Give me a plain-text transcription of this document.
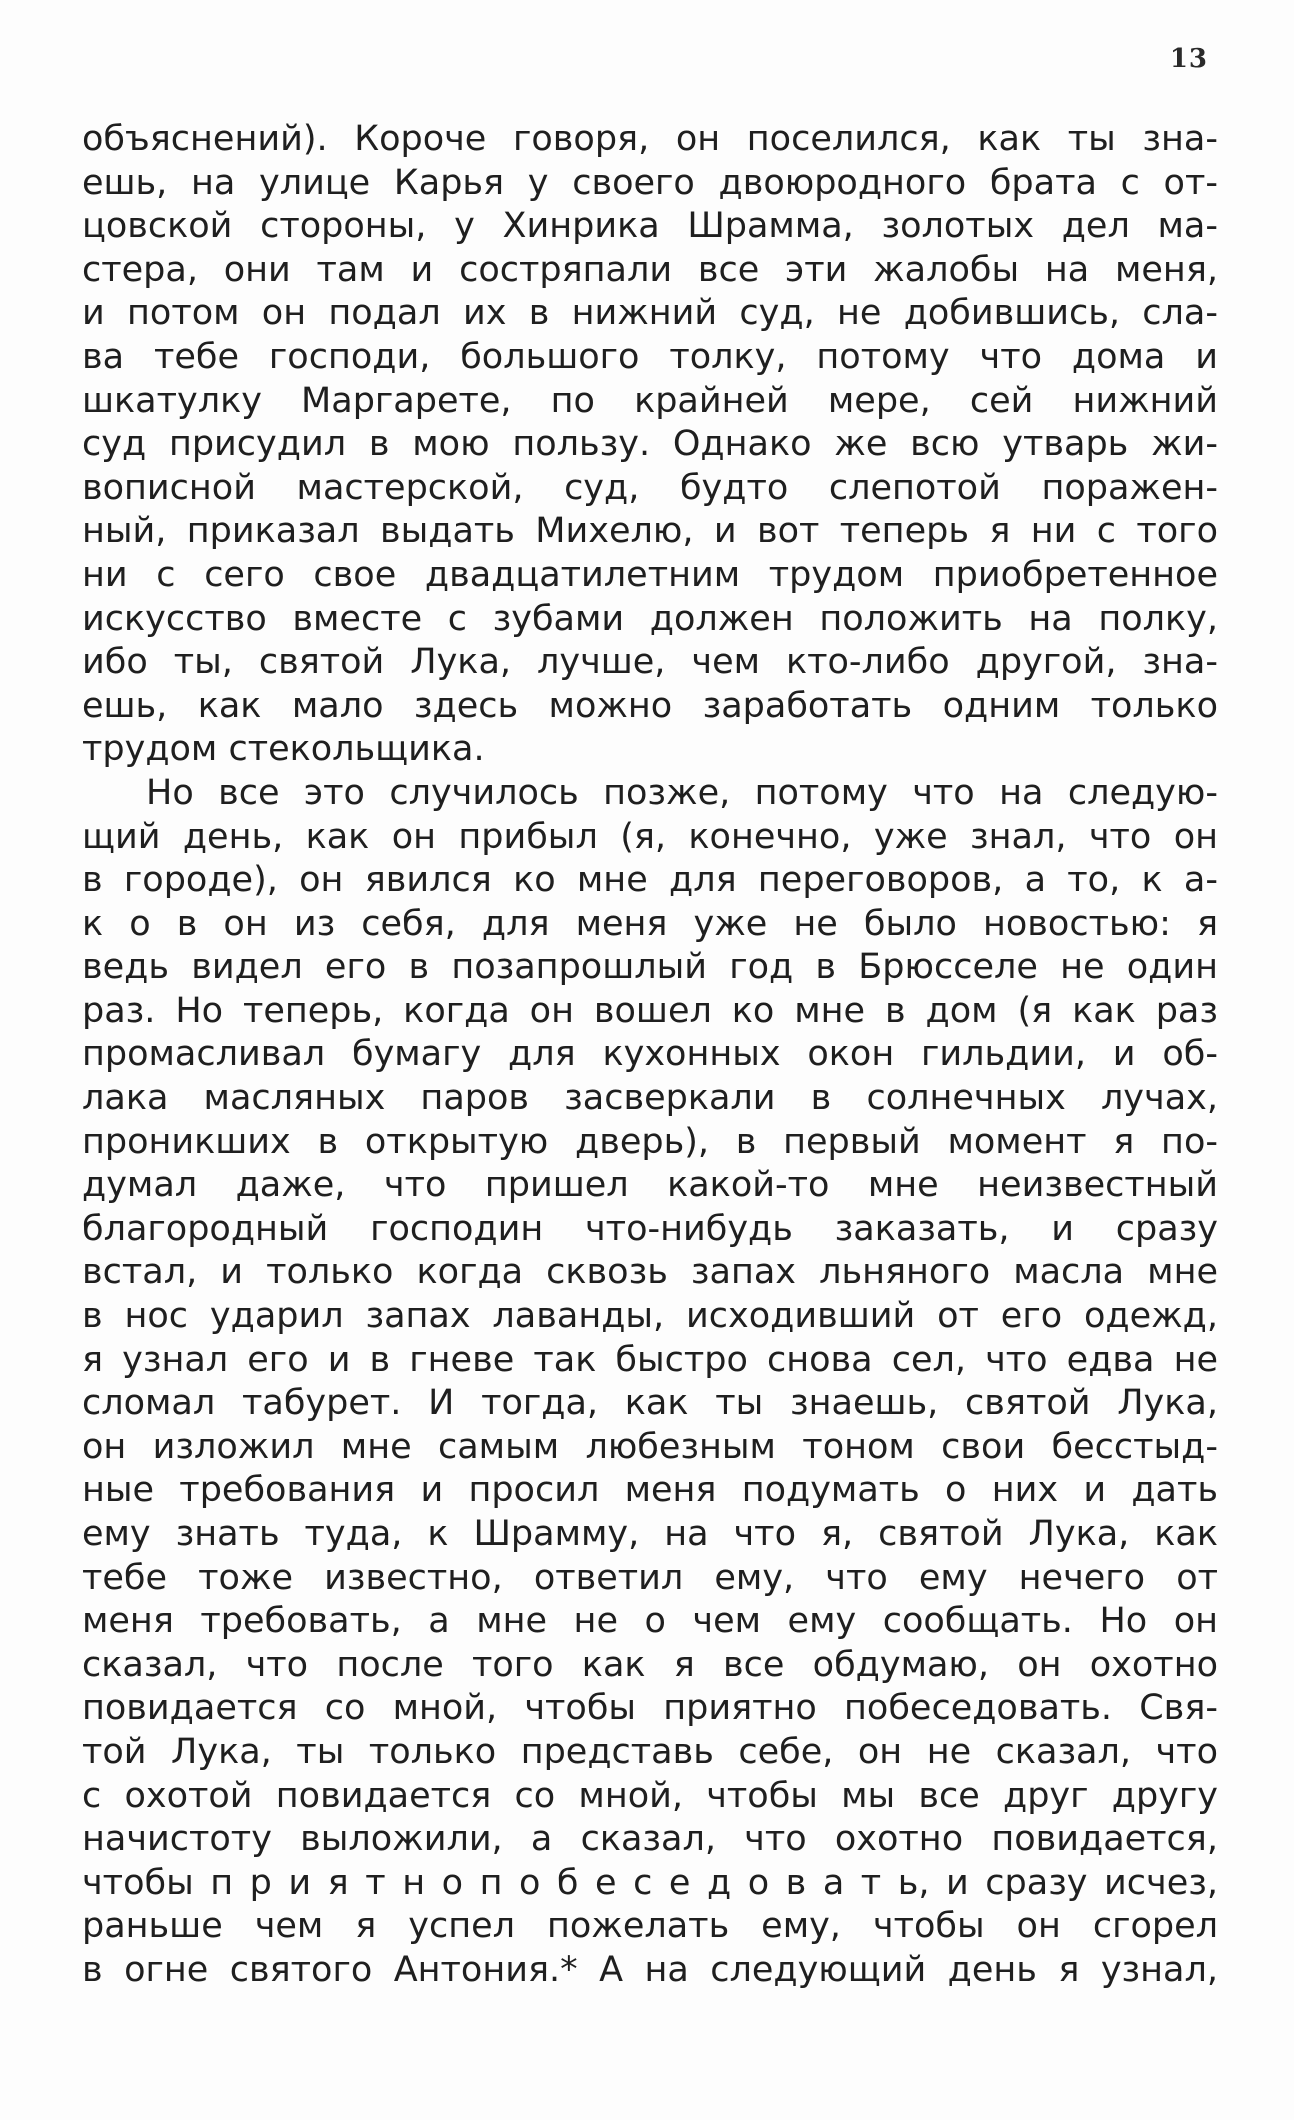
13
объяснений). Короче говоря, он поселился, как ты зна-
ешь, на улице Карья у своего двоюродного брата с от-
цовской стороны, у Хинрика Шрамма, золотых дел ма-
стера, они там и состряпали все эти жалобы на меня,
и потом он подал их в нижний суд, не добившись, сла-
ва тебе господи, большого толку, потому что дома и
шкатулку Маргарете, по крайней мере, сей нижний
суд присудил в мою пользу. Однако же всю утварь жи-
вописной мастерской, суд, будто слепотой поражен-
ный, приказал выдать Михелю, и вот теперь я ни с того
ни с сего свое двадцатилетним трудом приобретенное
искусство вместе с зубами должен положить на полку,
ибо ты, святой Лука, лучше, чем кто-либо другой, зна-
ешь, как мало здесь можно заработать одним только
трудом стекольщика.
Но все это случилось позже, потому что на следую-
щий день, как он прибыл (я, конечно, уже знал, что он
в городе), он явился ко мне для переговоров, а то, к а-
к о в он из себя, для меня уже не было новостью: я
ведь видел его в позапрошлый год в Брюсселе не один
раз. Но теперь, когда он вошел ко мне в дом (я как раз
промасливал бумагу для кухонных окон гильдии, и об-
лака масляных паров засверкали в солнечных лучах,
проникших в открытую дверь), в первый момент я по-
думал даже, что пришел какой-то мне неизвестный
благородный господин что-нибудь заказать, и сразу
встал, и только когда сквозь запах льняного масла мне
в нос ударил запах лаванды, исходивший от его одежд,
я узнал его и в гневе так быстро снова сел, что едва не
сломал табурет. И тогда, как ты знаешь, святой Лука,
он изложил мне самым любезным тоном свои бесстыд-
ные требования и просил меня подумать о них и дать
ему знать туда, к Шрамму, на что я, святой Лука, как
тебе тоже известно, ответил ему, что ему нечего от
меня требовать, а мне не о чем ему сообщать. Но он
сказал, что после того как я все обдумаю, он охотно
повидается со мной, чтобы приятно побеседовать. Свя-
той Лука, ты только представь себе, он не сказал, что
с охотой повидается со мной, чтобы мы все друг другу
начистоту выложили, а сказал, что охотно повидается,
чтобы п р и я т н о п о б е с е д о в а т ь, и сразу исчез,
раньше чем я успел пожелать ему, чтобы он сгорел
в огне святого Антония.* А на следующий день я узнал,
